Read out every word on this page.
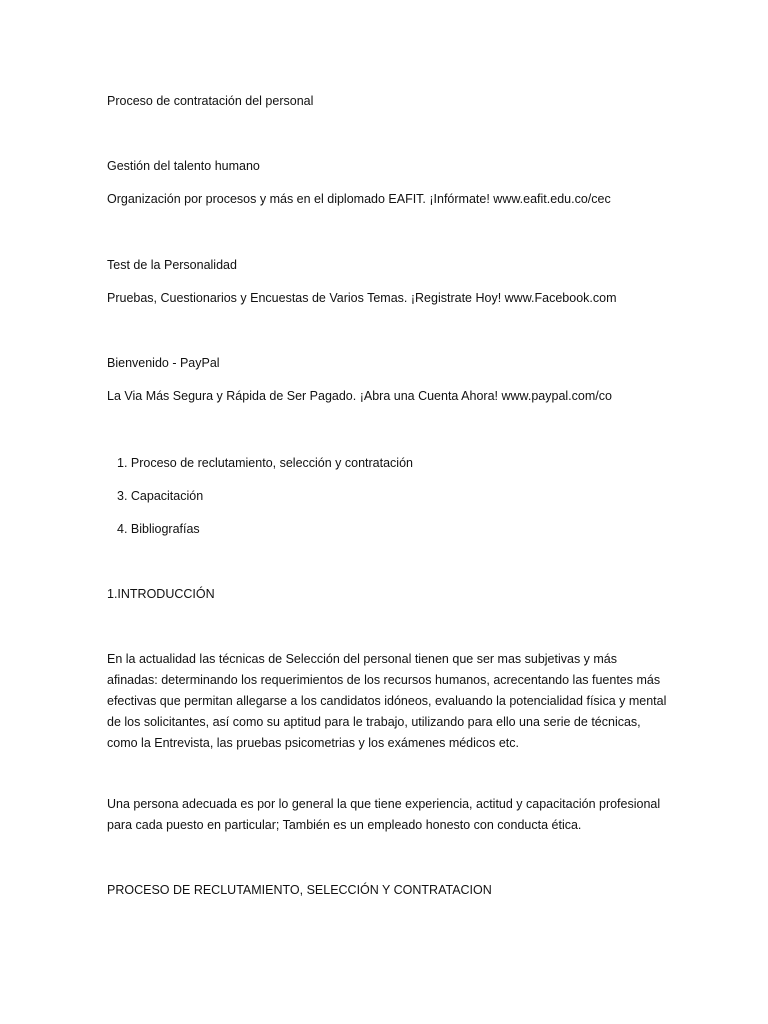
Proceso de contratación del personal
Gestión del talento humano
Organización por procesos y más en el diplomado EAFIT. ¡Infórmate! www.eafit.edu.co/cec
Test de la Personalidad
Pruebas, Cuestionarios y Encuestas de Varios Temas. ¡Registrate Hoy! www.Facebook.com
Bienvenido - PayPal
La Via Más Segura y Rápida de Ser Pagado. ¡Abra una Cuenta Ahora! www.paypal.com/co
1. Proceso de reclutamiento, selección y contratación
3. Capacitación
4. Bibliografías
1.INTRODUCCIÓN
En la actualidad las técnicas de Selección del personal tienen que ser mas subjetivas y más afinadas: determinando los requerimientos de los recursos humanos, acrecentando las fuentes más efectivas que permitan allegarse a los candidatos idóneos, evaluando la potencialidad física y mental de los solicitantes, así como su aptitud para le trabajo, utilizando para ello una serie de técnicas, como la Entrevista, las pruebas psicometrias y los exámenes médicos etc.
Una persona adecuada es por lo general la que tiene experiencia, actitud y capacitación profesional para cada puesto en particular; También es un empleado honesto con conducta ética.
PROCESO DE RECLUTAMIENTO, SELECCIÓN Y CONTRATACION
